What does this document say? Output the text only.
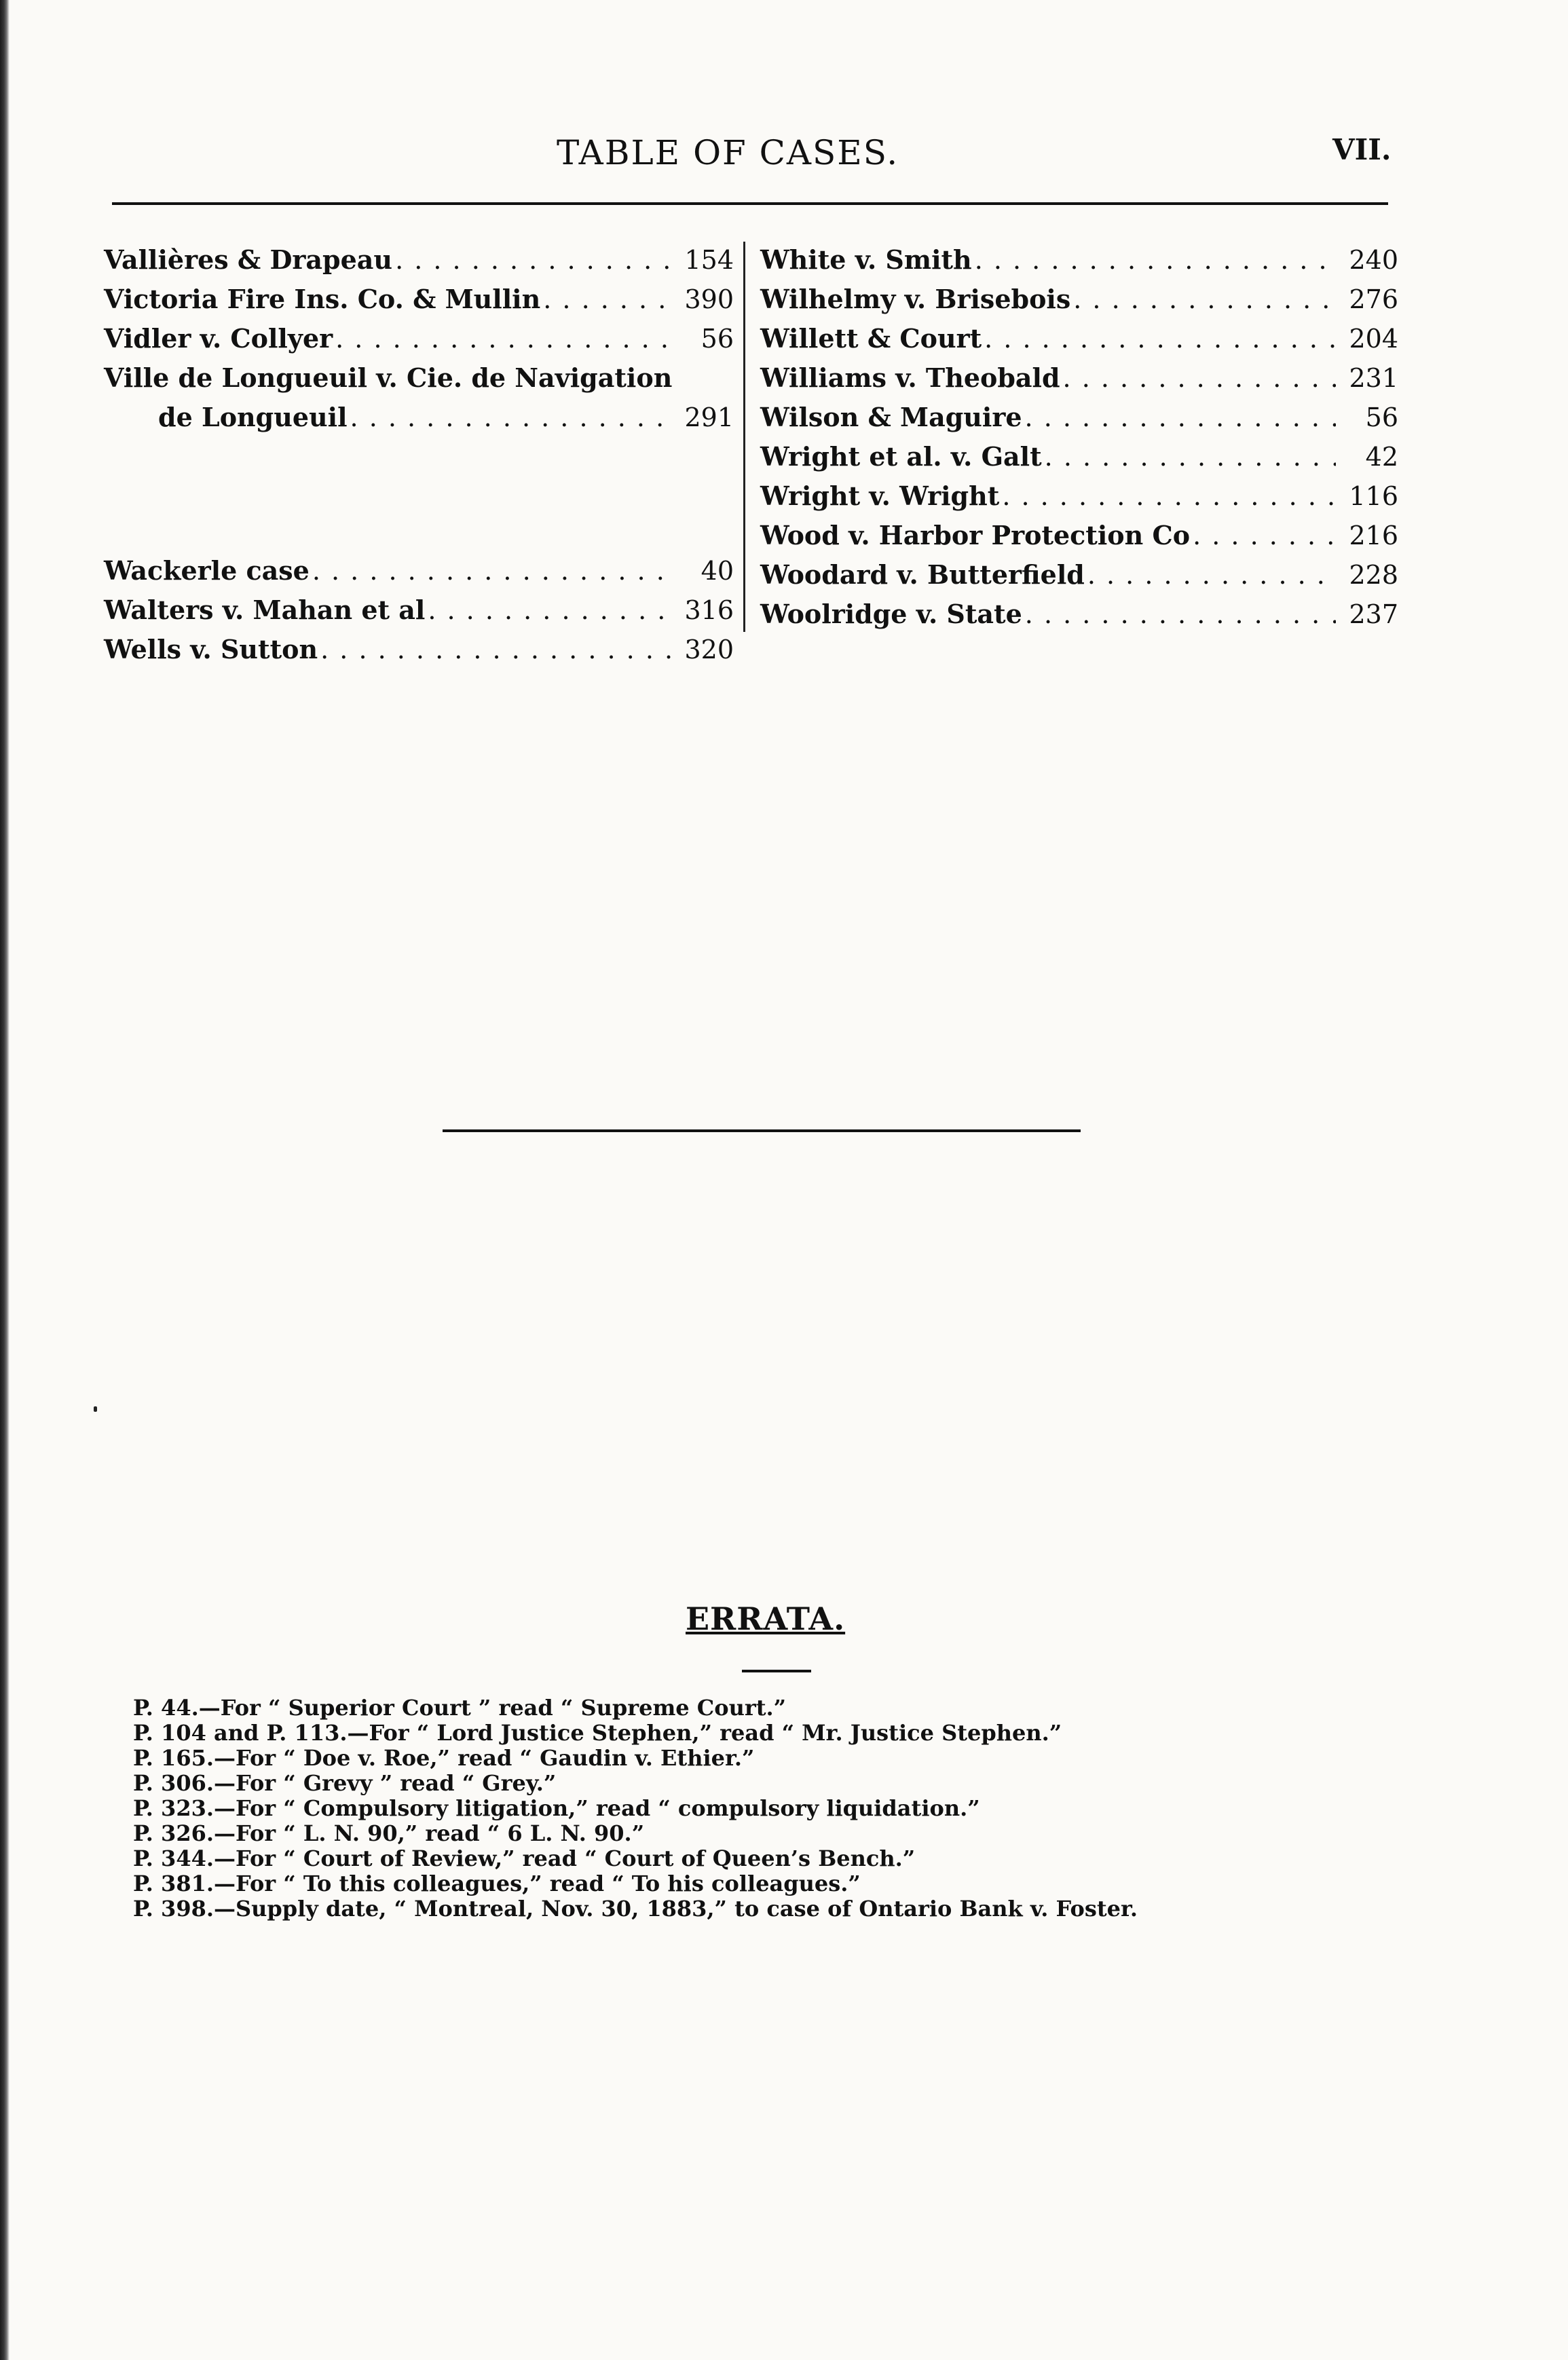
TABLE OF CASES.	VII.
Vallières & Drapeau . . .	154
Victoria Fire Ins. Co. & Mullin . . .	390
Vidler v. Collyer . . .	56
Ville de Longueuil v. Cie. de Navigation
de Longueuil . . .	291
Wackerle case . . .	40
Walters v. Mahan et al . . .	316
Wells v. Sutton . . .	320
White v. Smith . . .	240
Wilhelmy v. Brisebois . . .	276
Willett & Court . . .	204
Williams v. Theobald . . .	231
Wilson & Maguire . . .	56
Wright et al. v. Galt . . .	42
Wright v. Wright . . .	116
Wood v. Harbor Protection Co . . .	216
Woodard v. Butterfield . . .	228
Woolridge v. State . . .	237
ERRATA.
P. 44.—For “ Superior Court ” read “ Supreme Court.”
P. 104 and P. 113.—For “ Lord Justice Stephen,” read “ Mr. Justice Stephen.”
P. 165.—For “ Doe v. Roe,” read “ Gaudin v. Ethier.”
P. 306.—For “ Grevy ” read “ Grey.”
P. 323.—For “ Compulsory litigation,” read “ compulsory liquidation.”
P. 326.—For “ L. N. 90,” read “ 6 L. N. 90.”
P. 344.—For “ Court of Review,” read “ Court of Queen’s Bench.”
P. 381.—For “ To this colleagues,” read “ To his colleagues.”
P. 398.—Supply date, “ Montreal, Nov. 30, 1883,” to case of Ontario Bank v. Foster.
